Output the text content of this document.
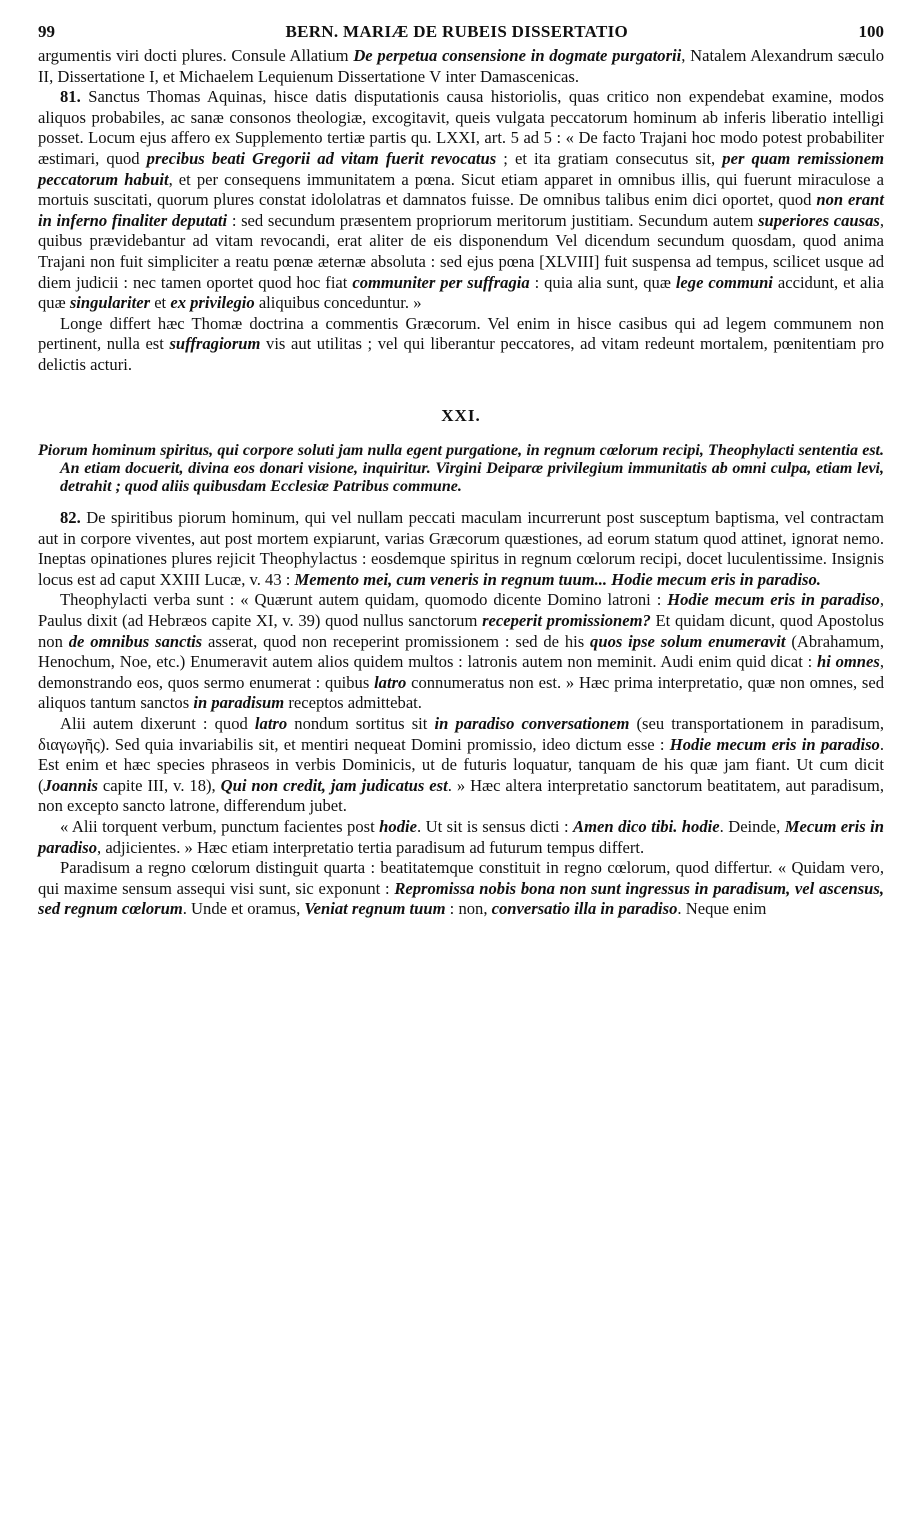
99	BERN. MARIÆ DE RUBEIS DISSERTATIO	100

argumentis viri docti plures. Consule Allatium De perpetua consensione in dogmate purgatorii, Natalem Alexandrum sæculo II, Dissertatione I, et Michaelem Lequienum Dissertatione V inter Damascenicas.

81. Sanctus Thomas Aquinas, hisce datis disputationis causa historiolis, quas critico non expendebat examine, modos aliquos probabiles, ac sanæ consonos theologiæ, excogitavit, queis vulgata peccatorum hominum ab inferis liberatio intelligi posset. Locum ejus affero ex Supplemento tertiæ partis qu. LXXI, art. 5 ad 5 : « De facto Trajani hoc modo potest probabiliter æstimari, quod precibus beati Gregorii ad vitam fuerit revocatus ; et ita gratiam consecutus sit, per quam remissionem peccatorum habuit, et per consequens immunitatem a pœna. Sicut etiam apparet in omnibus illis, qui fuerunt miraculose a mortuis suscitati, quorum plures constat idololatras et damnatos fuisse. De omnibus talibus enim dici oportet, quod non erant in inferno finaliter deputati : sed secundum præsentem propriorum meritorum justitiam. Secundum autem superiores causas, quibus prævidebantur ad vitam revocandi, erat aliter de eis disponendum Vel dicendum secundum quosdam, quod anima Trajani non fuit simpliciter a reatu pœnæ æternæ absoluta : sed ejus pœna [XLVIII] fuit suspensa ad tempus, scilicet usque ad diem judicii : nec tamen oportet quod hoc fiat communiter per suffragia : quia alia sunt, quæ lege communi accidunt, et alia quæ singulariter et ex privilegio aliquibus conceduntur. »

Longe differt hæc Thomæ doctrina a commentis Græcorum. Vel enim in hisce casibus qui ad legem communem non pertinent, nulla est suffragiorum vis aut utilitas ; vel qui liberantur peccatores, ad vitam redeunt mortalem, pœnitentiam pro delictis acturi.

XXI.

Piorum hominum spiritus, qui corpore soluti jam nulla egent purgatione, in regnum cœlorum recipi, Theophylacti sententia est. An etiam docuerit, divina eos donari visione, inquiritur. Virgini Deiparæ privilegium immunitatis ab omni culpa, etiam levi, detrahit ; quod aliis quibusdam Ecclesiæ Patribus commune.

82. De spiritibus piorum hominum, qui vel nullam peccati maculam incurrerunt post susceptum baptisma, vel contractam aut in corpore viventes, aut post mortem expiarunt, varias Græcorum quæstiones, ad eorum statum quod attinet, ignorat nemo. Ineptas opinationes plures rejicit Theophylactus : eosdemque spiritus in regnum cœlorum recipi, docet luculentissime. Insignis locus est ad caput XXIII Lucæ, v. 43 : Memento mei, cum veneris in regnum tuum... Hodie mecum eris in paradiso.

Theophylacti verba sunt : « Quærunt autem quidam, quomodo dicente Domino latroni : Hodie mecum eris in paradiso, Paulus dixit (ad Hebræos capite XI, v. 39) quod nullus sanctorum receperit promissionem? Et quidam dicunt, quod Apostolus non de omnibus sanctis asserat, quod non receperint promissionem : sed de his quos ipse solum enumeravit (Abrahamum, Henochum, Noe, etc.) Enumeravit autem alios quidem multos : latronis autem non meminit. Audi enim quid dicat : hi omnes, demonstrando eos, quos sermo enumerat : quibus latro connumeratus non est. » Hæc prima interpretatio, quæ non omnes, sed aliquos tantum sanctos in paradisum receptos admittebat.

Alii autem dixerunt : quod latro nondum sortitus sit in paradiso conversationem (seu transportationem in paradisum, διαγωγῆς). Sed quia invariabilis sit, et mentiri nequeat Domini promissio, ideo dictum esse : Hodie mecum eris in paradiso. Est enim et hæc species phraseos in verbis Dominicis, ut de futuris loquatur, tanquam de his quæ jam fiant. Ut cum dicit (Joannis capite III, v. 18), Qui non credit, jam judicatus est. » Hæc altera interpretatio sanctorum beatitatem, aut paradisum, non excepto sancto latrone, differendum jubet.

« Alii torquent verbum, punctum facientes post hodie. Ut sit is sensus dicti : Amen dico tibi. hodie. Deinde, Mecum eris in paradiso, adjicientes. » Hæc etiam interpretatio tertia paradisum ad futurum tempus differt.

Paradisum a regno cœlorum distinguit quarta : beatitatemque constituit in regno cœlorum, quod differtur. « Quidam vero, qui maxime sensum assequi visi sunt, sic exponunt : Repromissa nobis bona non sunt ingressus in paradisum, vel ascensus, sed regnum cœlorum. Unde et oramus, Veniat regnum tuum : non, conversatio illa in paradiso. Neque enim
